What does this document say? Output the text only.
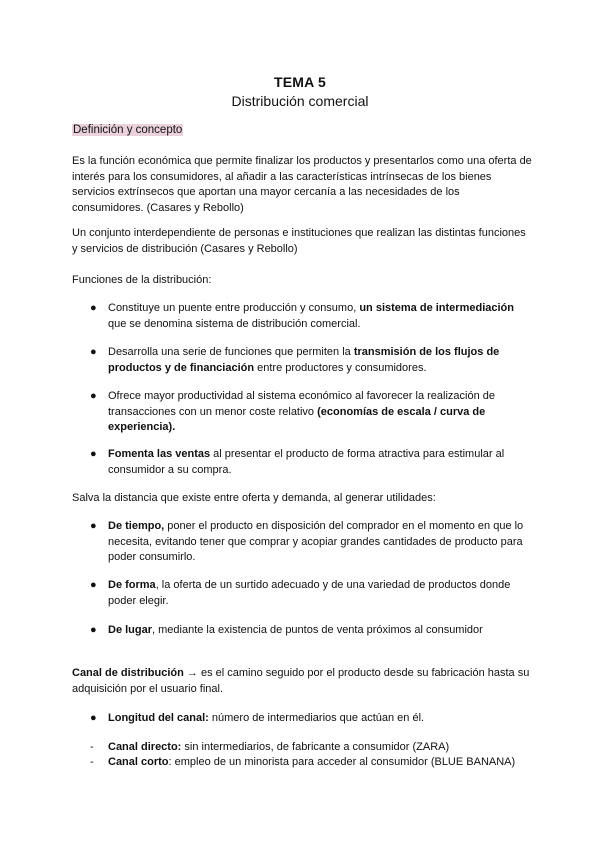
TEMA 5
Distribución comercial
Definición y concepto

Es la función económica que permite finalizar los productos y presentarlos como una oferta de interés para los consumidores, al añadir a las características intrínsecas de los bienes servicios extrínsecos que aportan una mayor cercanía a las necesidades de los consumidores. (Casares y Rebollo)

Un conjunto interdependiente de personas e instituciones que realizan las distintas funciones y servicios de distribución (Casares y Rebollo)

Funciones de la distribución:

● Constituye un puente entre producción y consumo, un sistema de intermediación que se denomina sistema de distribución comercial.
● Desarrolla una serie de funciones que permiten la transmisión de los flujos de productos y de financiación entre productores y consumidores.
● Ofrece mayor productividad al sistema económico al favorecer la realización de transacciones con un menor coste relativo (economías de escala / curva de experiencia).
● Fomenta las ventas al presentar el producto de forma atractiva para estimular al consumidor a su compra.

Salva la distancia que existe entre oferta y demanda, al generar utilidades:

● De tiempo, poner el producto en disposición del comprador en el momento en que lo necesita, evitando tener que comprar y acopiar grandes cantidades de producto para poder consumirlo.
● De forma, la oferta de un surtido adecuado y de una variedad de productos donde poder elegir.
● De lugar, mediante la existencia de puntos de venta próximos al consumidor
Canal de distribución → es el camino seguido por el producto desde su fabricación hasta su adquisición por el usuario final.
● Longitud del canal: número de intermediarios que actúan en él.
- Canal directo: sin intermediarios, de fabricante a consumidor (ZARA)
- Canal corto: empleo de un minorista para acceder al consumidor (BLUE BANANA)
